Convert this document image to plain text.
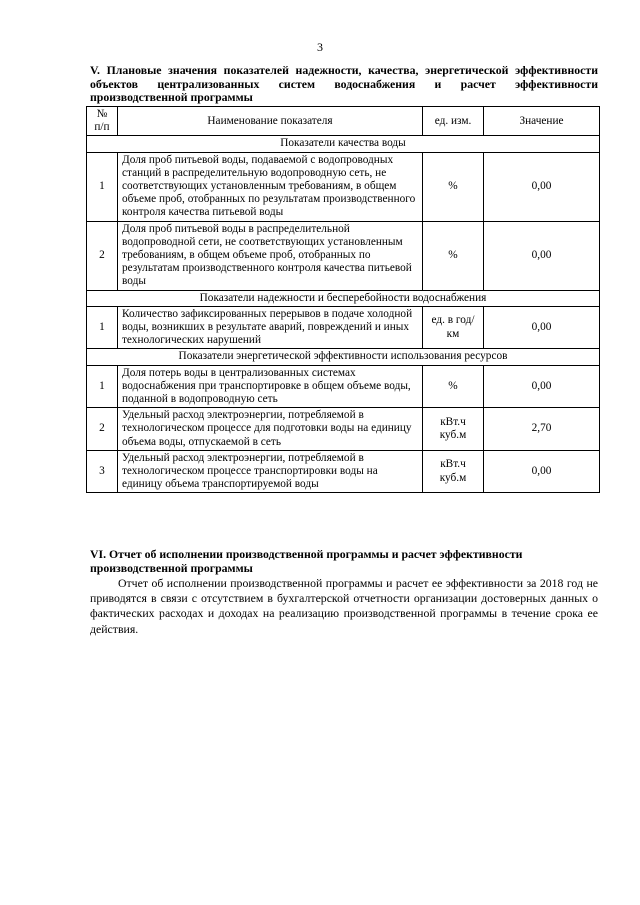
3
V. Плановые значения показателей надежности, качества, энергетической эффективности объектов централизованных систем водоснабжения и расчет эффективности производственной программы
№ п/п	Наименование показателя	ед. изм.	Значение
Показатели качества воды			
1	Доля проб питьевой воды, подаваемой с водопроводных станций в распределительную водопроводную сеть, не соответствующих установленным требованиям, в общем объеме проб, отобранных по результатам производственного контроля качества питьевой воды	%	0,00
2	Доля проб питьевой воды в распределительной водопроводной сети, не соответствующих установленным требованиям, в общем объеме проб, отобранных по результатам производственного контроля качества питьевой воды	%	0,00
Показатели надежности и бесперебойности водоснабжения			
1	Количество зафиксированных перерывов в подаче холодной воды, возникших в результате аварий, повреждений и иных технологических нарушений	ед. в год/ км	0,00
Показатели энергетической эффективности использования ресурсов			
1	Доля потерь воды в централизованных системах водоснабжения при транспортировке в общем объеме воды, поданной в водопроводную сеть	%	0,00
2	Удельный расход электроэнергии, потребляемой в технологическом процессе для подготовки воды на единицу объема воды, отпускаемой в сеть	кВт.ч куб.м	2,70
3	Удельный расход электроэнергии, потребляемой в технологическом процессе транспортировки воды на единицу объема транспортируемой воды	кВт.ч куб.м	0,00
VI. Отчет об исполнении производственной программы и расчет эффективности производственной программы
Отчет об исполнении производственной программы и расчет ее эффективности за 2018 год не приводятся в связи с отсутствием в бухгалтерской отчетности организации достоверных данных о фактических расходах и доходах на реализацию производственной программы в течение срока ее действия.
